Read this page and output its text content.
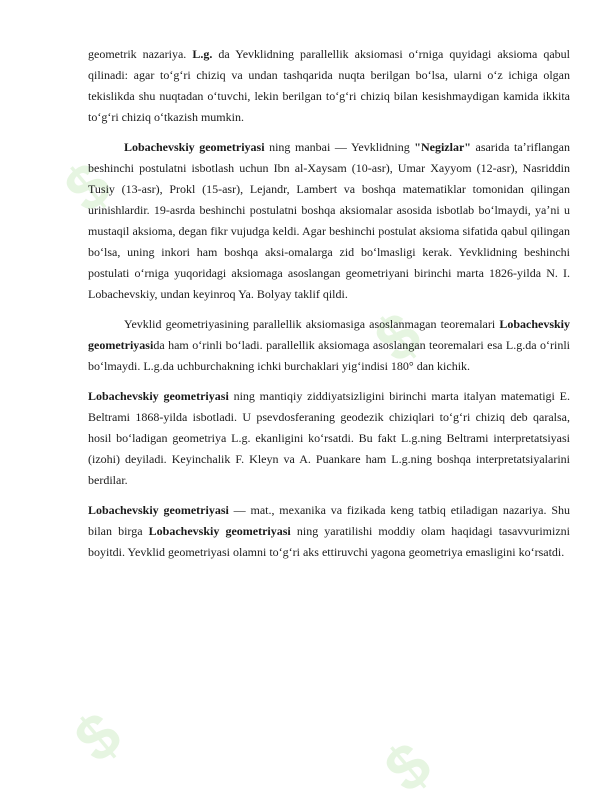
$
$
$	$

geometrik nazariya. L.g. da Yevklidning parallellik aksiomasi oʻrniga quyidagi aksioma qabul qilinadi: agar toʻgʻri chiziq va undan tashqarida nuqta berilgan boʻlsa, ularni oʻz ichiga olgan tekislikda shu nuqtadan oʻtuvchi, lekin berilgan toʻgʻri chiziq bilan kesishmaydigan kamida ikkita toʻgʻri chiziq oʻtkazish mumkin.

Lobachevskiy geometriyasi ning manbai — Yevklidning "Negizlar" asarida taʼriflangan beshinchi postulatni isbotlash uchun Ibn al-Xaysam (10-asr), Umar Xayyom (12-asr), Nasriddin Tusiy (13-asr), Prokl (15-asr), Lejandr, Lambert va boshqa matematiklar tomonidan qilingan urinishlardir. 19-asrda beshinchi postulatni boshqa aksiomalar asosida isbotlab boʻlmaydi, yaʼni u mustaqil aksioma, degan fikr vujudga keldi. Agar beshinchi postulat aksioma sifatida qabul qilingan boʻlsa, uning inkori ham boshqa aksi-omalarga zid boʻlmasligi kerak. Yevklidning beshinchi postulati oʻrniga yuqoridagi aksiomaga asoslangan geometriyani birinchi marta 1826-yilda N. I. Lobachevskiy, undan keyinroq Ya. Bolyay taklif qildi.

Yevklid geometriyasining parallellik aksiomasiga asoslanmagan teoremalari Lobachevskiy geometriyasida ham oʻrinli boʻladi. parallellik aksiomaga asoslangan teoremalari esa L.g.da oʻrinli boʻlmaydi. L.g.da uchburchakning ichki burchaklari yigʻindisi 180° dan kichik.

Lobachevskiy geometriyasi ning mantiqiy ziddiyatsizligini birinchi marta italyan matematigi E. Beltrami 1868-yilda isbotladi. U psevdosferaning geodezik chiziqlari toʻgʻri chiziq deb qaralsa, hosil boʻladigan geometriya L.g. ekanligini koʻrsatdi. Bu fakt L.g.ning Beltrami interpretatsiyasi (izohi) deyiladi. Keyinchalik F. Kleyn va A. Puankare ham L.g.ning boshqa interpretatsiyalarini berdilar.

Lobachevskiy geometriyasi — mat., mexanika va fizikada keng tatbiq etiladigan nazariya. Shu bilan birga Lobachevskiy geometriyasi ning yaratilishi moddiy olam haqidagi tasavvurimizni boyitdi. Yevklid geometriyasi olamni toʻgʻri aks ettiruvchi yagona geometriya emasligini koʻrsatdi.
